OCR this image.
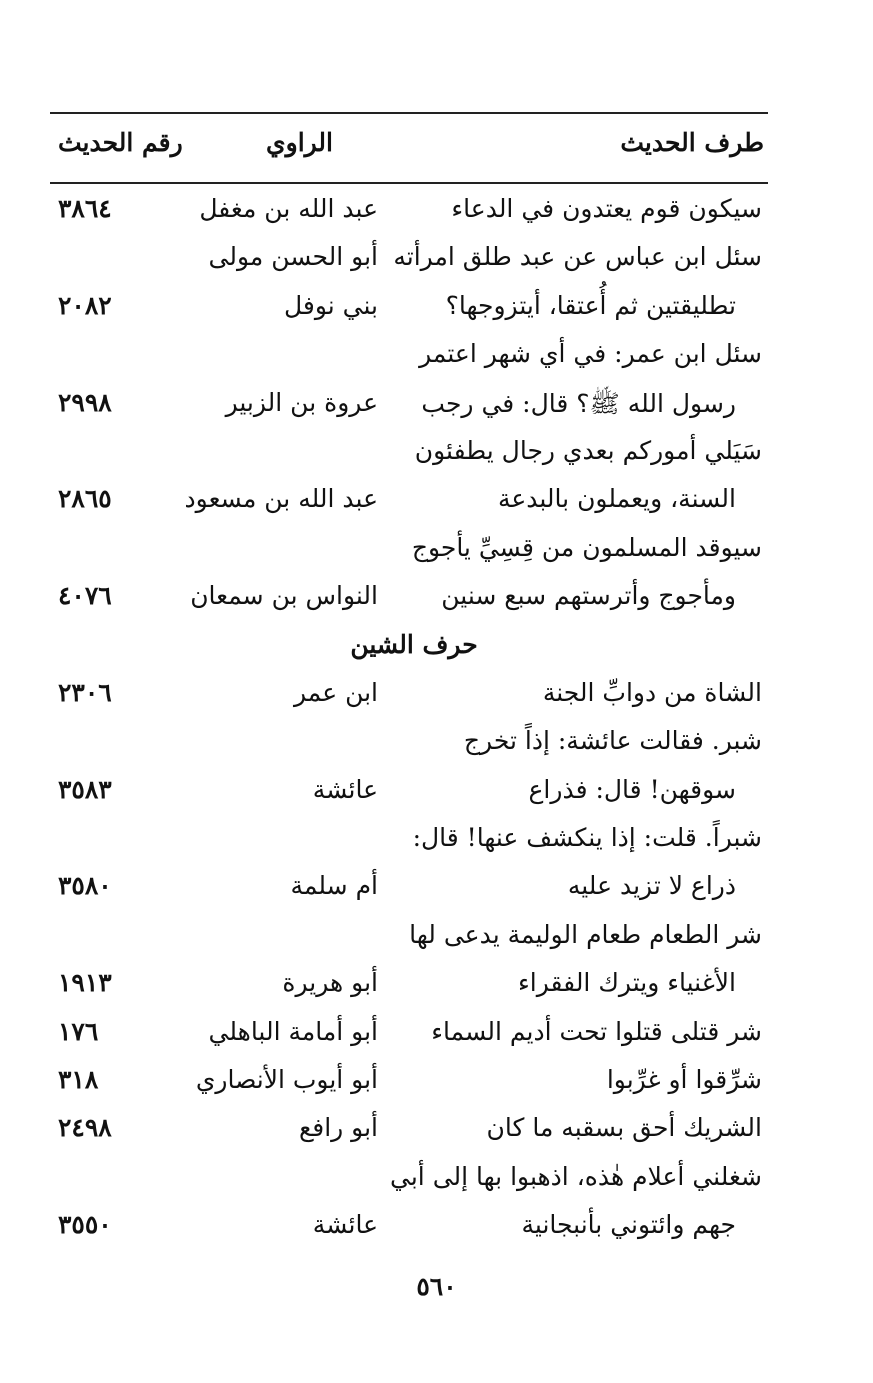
طرف الحديث
الراوي
رقم الحديث
سيكون قوم يعتدون في الدعاء
عبد الله بن مغفل
٣٨٦٤
سئل ابن عباس عن عبد طلق امرأته
أبو الحسن مولى
تطليقتين ثم أُعتقا، أيتزوجها؟
بني نوفل
٢٠٨٢
سئل ابن عمر: في أي شهر اعتمر
رسول الله ﷺ؟ قال: في رجب
عروة بن الزبير
٢٩٩٨
سَيَلي أموركم بعدي رجال يطفئون
السنة، ويعملون بالبدعة
عبد الله بن مسعود
٢٨٦٥
سيوقد المسلمون من قِسِيِّ يأجوج
ومأجوج وأترستهم سبع سنين
النواس بن سمعان
٤٠٧٦
حرف الشين
الشاة من دوابِّ الجنة
ابن عمر
٢٣٠٦
شبر. فقالت عائشة: إذاً تخرج
سوقهن! قال: فذراع
عائشة
٣٥٨٣
شبراً. قلت: إذا ينكشف عنها! قال:
ذراع لا تزيد عليه
أم سلمة
٣٥٨٠
شر الطعام طعام الوليمة يدعى لها
الأغنياء ويترك الفقراء
أبو هريرة
١٩١٣
شر قتلى قتلوا تحت أديم السماء
أبو أمامة الباهلي
١٧٦
شرِّقوا أو غرِّبوا
أبو أيوب الأنصاري
٣١٨
الشريك أحق بسقبه ما كان
أبو رافع
٢٤٩٨
شغلني أعلام هٰذه، اذهبوا بها إلى أبي
جهم وائتوني بأنبجانية
عائشة
٣٥٥٠
٥٦٠
